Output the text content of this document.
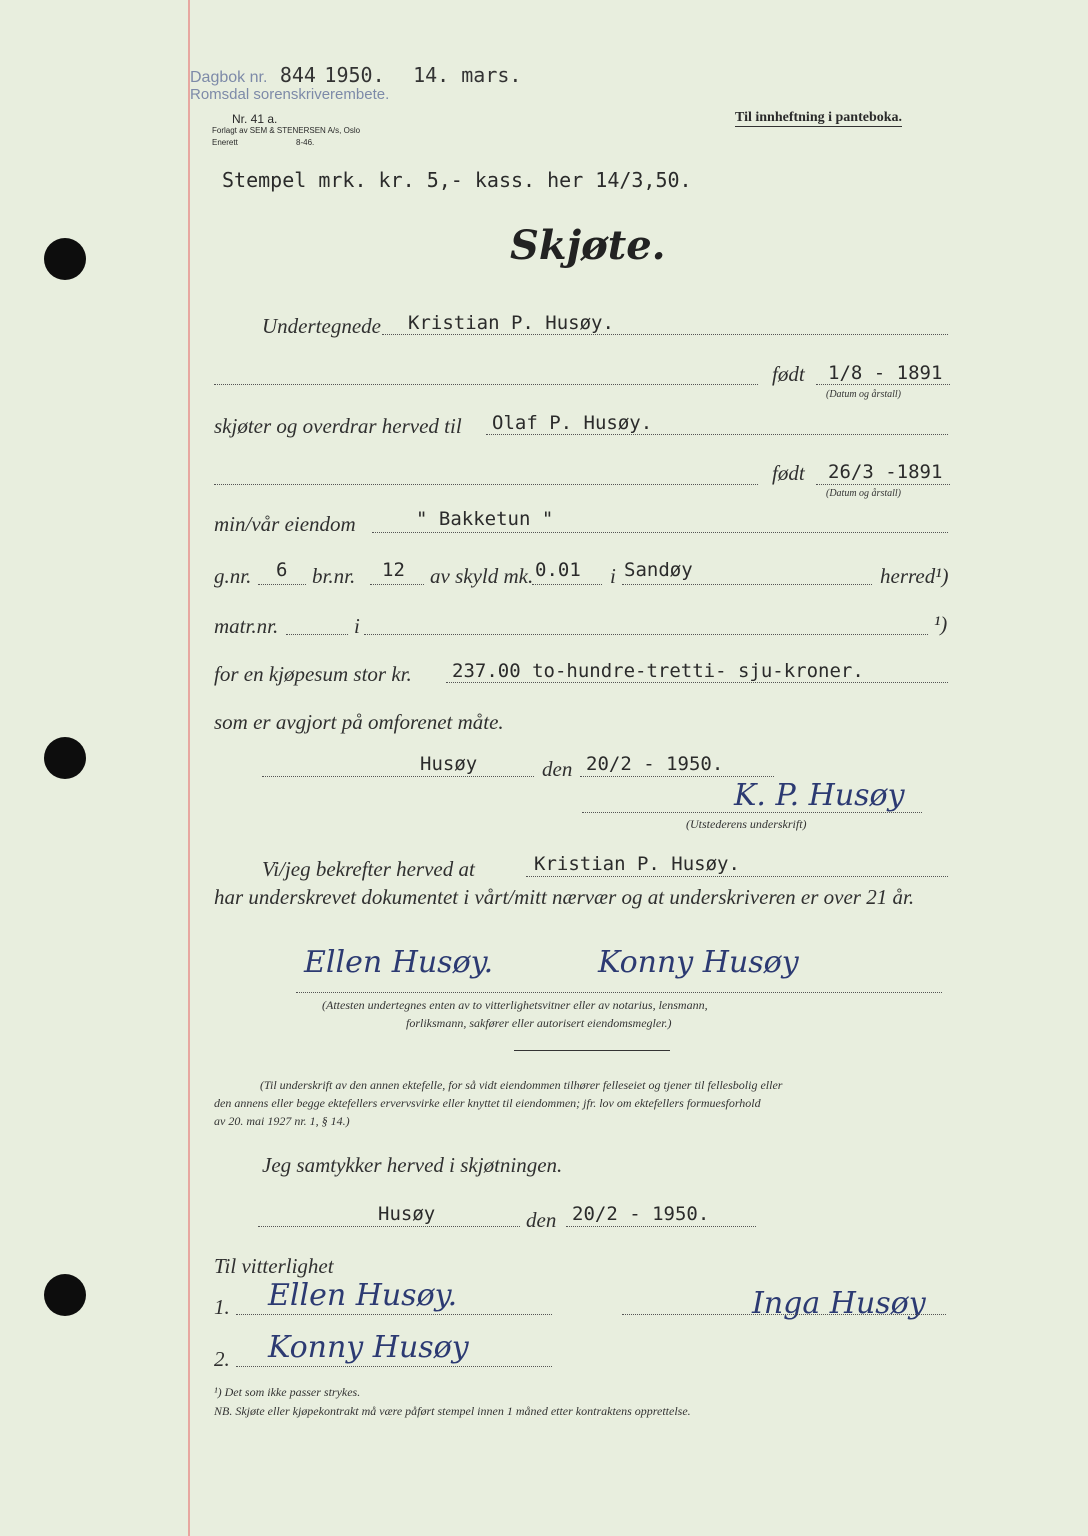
Dagbok nr. 844 1950. 14. mars.
Romsdal sorenskriverembete.
Nr. 41 a.
Forlagt av SEM & STENERSEN A/s, Oslo
Enerett	8-46.
Til innheftning i panteboka.
Stempel mrk. kr. 5,- kass. her 14/3,50.
Skjøte.
Undertegnede Kristian P. Husøy.
født 1/8 - 1891
(Datum og årstall)
skjøter og overdrar herved til Olaf P. Husøy.
født 26/3 -1891
(Datum og årstall)
min/vår eiendom	" Bakketun "
g.nr. 6 br.nr. 12 av skyld mk. 0.01 i Sandøy	herred¹)
matr.nr.	i	¹)
for en kjøpesum stor kr. 237.00 to-hundre-tretti- sju-kroner.
som er avgjort på omforenet måte.
Husøy	den 20/2 - 1950.
K. P. Husøy
(Utstederens underskrift)
Vi/jeg bekrefter herved at	Kristian P. Husøy.
har underskrevet dokumentet i vårt/mitt nærvær og at underskriveren er over 21 år.
Ellen Husøy.	Konny Husøy
(Attesten undertegnes enten av to vitterlighetsvitner eller av notarius, lensmann,
forliksmann, sakfører eller autorisert eiendomsmegler.)
(Til underskrift av den annen ektefelle, for så vidt eiendommen tilhører felleseiet og tjener til fellesbolig eller
den annens eller begge ektefellers ervervsvirke eller knyttet til eiendommen; jfr. lov om ektefellers formuesforhold
av 20. mai 1927 nr. 1, § 14.)
Jeg samtykker herved i skjøtningen.
Husøy	den 20/2 - 1950.
Til vitterlighet
1. Ellen Husøy.	Inga Husøy
2. Konny Husøy
¹) Det som ikke passer strykes.
NB. Skjøte eller kjøpekontrakt må være påført stempel innen 1 måned etter kontraktens opprettelse.
